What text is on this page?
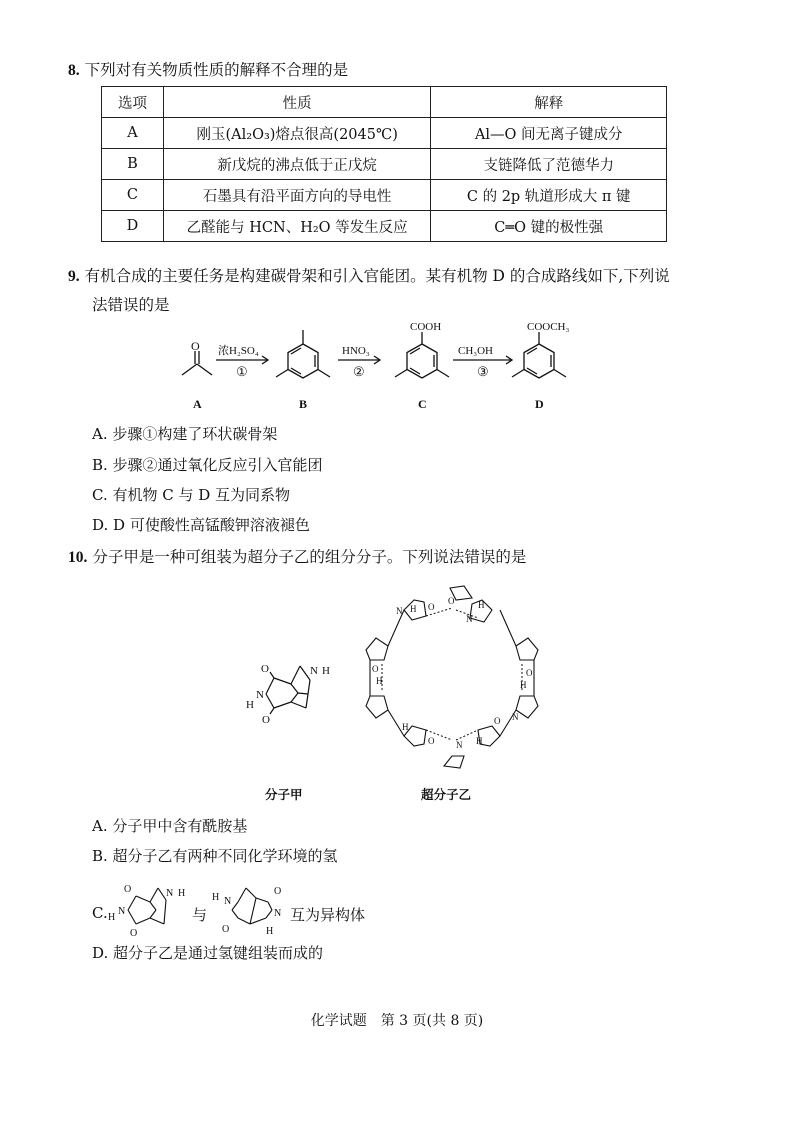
8. 下列对有关物质性质的解释不合理的是
选项	性质	解释
A	刚玉(Al₂O₃)熔点很高(2045℃)	Al—O 间无离子键成分
B	新戊烷的沸点低于正戊烷	支链降低了范德华力
C	石墨具有沿平面方向的导电性	C 的 2p 轨道形成大 π 键
D	乙醛能与 HCN、H₂O 等发生反应	C═O 键的极性强
9. 有机合成的主要任务是构建碳骨架和引入官能团。某有机物 D 的合成路线如下,下列说
法错误的是
O 浓H₂SO₄
①
HNO₃
②
CH₃OH
③
COOH	COOCH₃
A	B	C	D
A. 步骤①构建了环状碳骨架
B. 步骤②通过氧化反应引入官能团
C. 有机物 C 与 D 互为同系物
D. D 可使酸性高锰酸钾溶液褪色
10. 分子甲是一种可组装为超分子乙的组分分子。下列说法错误的是
O
O
N
H
N H
N H O
O	H
N
O
H
O
H
N
H
O N H
O
分子甲	超分子乙
A. 分子甲中含有酰胺基
B. 超分子乙有两种不同化学环境的氢
C.
O
O
N
H
N H
与
H N
O
O
N
H
互为异构体
D. 超分子乙是通过氢键组装而成的
化学试题　第 3 页(共 8 页)
